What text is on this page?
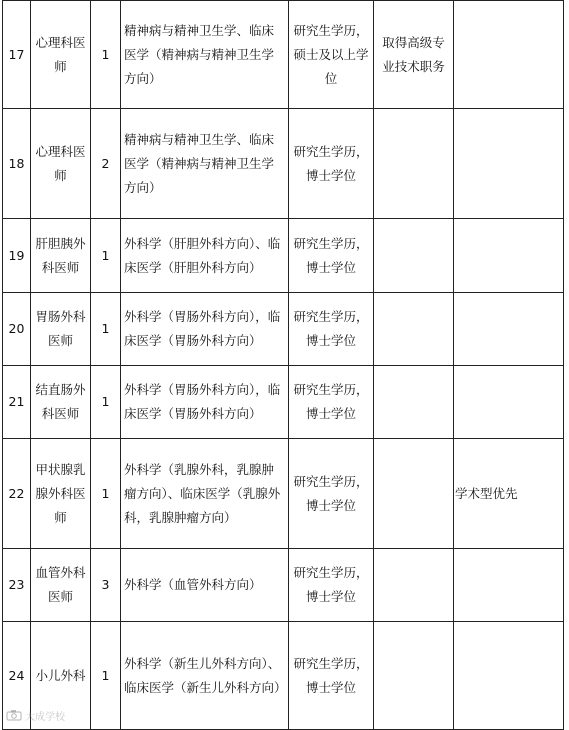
17	心理科医师	1	精神病与精神卫生学、临床医学（精神病与精神卫生学方向）	研究生学历，硕士及以上学位	取得高级专业技术职务	
18	心理科医师	2	精神病与精神卫生学、临床医学（精神病与精神卫生学方向）	研究生学历，博士学位		
19	肝胆胰外科医师	1	外科学（肝胆外科方向）、临床医学（肝胆外科方向）	研究生学历，博士学位		
20	胃肠外科医师	1	外科学（胃肠外科方向），临床医学（胃肠外科方向）	研究生学历，博士学位		
21	结直肠外科医师	1	外科学（胃肠外科方向），临床医学（胃肠外科方向）	研究生学历，博士学位		
22	甲状腺乳腺外科医师	1	外科学（乳腺外科，乳腺肿瘤方向）、临床医学（乳腺外科，乳腺肿瘤方向）	研究生学历，博士学位		学术型优先
23	血管外科医师	3	外科学（血管外科方向）	研究生学历，博士学位		
24	小儿外科	1	外科学（新生儿外科方向）、临床医学（新生儿外科方向）	研究生学历，博士学位		
大成学校
